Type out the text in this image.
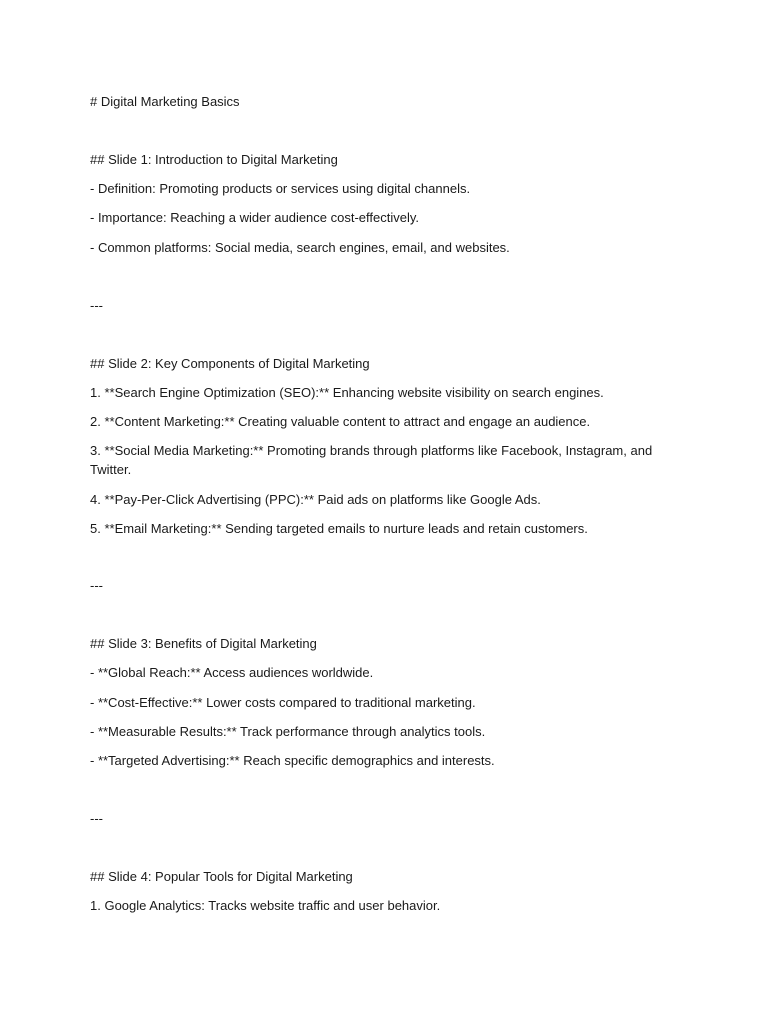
# Digital Marketing Basics
## Slide 1: Introduction to Digital Marketing
- Definition: Promoting products or services using digital channels.
- Importance: Reaching a wider audience cost-effectively.
- Common platforms: Social media, search engines, email, and websites.
---
## Slide 2: Key Components of Digital Marketing
1. **Search Engine Optimization (SEO):** Enhancing website visibility on search engines.
2. **Content Marketing:** Creating valuable content to attract and engage an audience.
3. **Social Media Marketing:** Promoting brands through platforms like Facebook, Instagram, and Twitter.
4. **Pay-Per-Click Advertising (PPC):** Paid ads on platforms like Google Ads.
5. **Email Marketing:** Sending targeted emails to nurture leads and retain customers.
---
## Slide 3: Benefits of Digital Marketing
- **Global Reach:** Access audiences worldwide.
- **Cost-Effective:** Lower costs compared to traditional marketing.
- **Measurable Results:** Track performance through analytics tools.
- **Targeted Advertising:** Reach specific demographics and interests.
---
## Slide 4: Popular Tools for Digital Marketing
1. Google Analytics: Tracks website traffic and user behavior.
